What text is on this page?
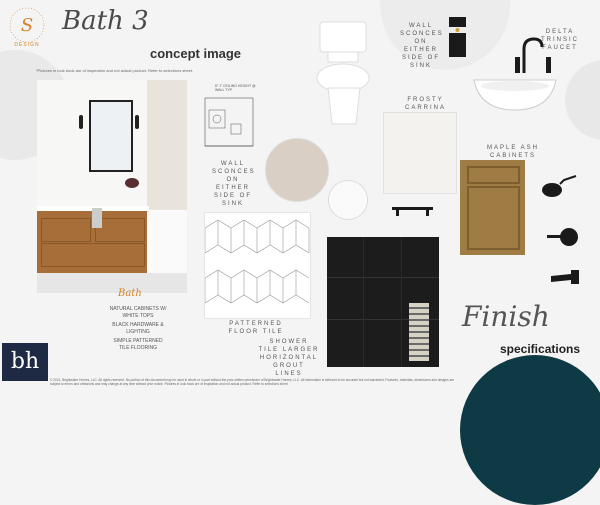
S
DESIGN
Bath 3
concept image
*Pictures in look book are of inspiration and not actual product. Refer to selections sheet.
8"-7' CEILING HEIGHT @ WALL TYP.
WALL SCONCES ON EITHER SIDE OF SINK
WALL SCONCES ON EITHER SIDE OF SINK
DELTA TRINSIC FAUCET
FROSTY CARRINA
MAPLE ASH CABINETS
PATTERNED FLOOR TILE
SHOWER TILE LARGER HORIZONTAL GROUT LINES
Bath
NATURAL CABINETS W/ WHITE TOPS
BLACK HARDWARE & LIGHTING
SIMPLE PATTERNED TILE FLOORING
Finish
specifications
bh
© 2021, Brightwater Homes, LLC. All rights reserved. No portion of this document may be used in whole or in part without the prior written permission of Brightwater Homes, LLC. All information is believed to be accurate but not warranted. Features, materials, dimensions and designs are subject to errors and omissions and may change at any time without prior notice. Pictures in look book are of inspiration and not actual product. Refer to selections sheet.
